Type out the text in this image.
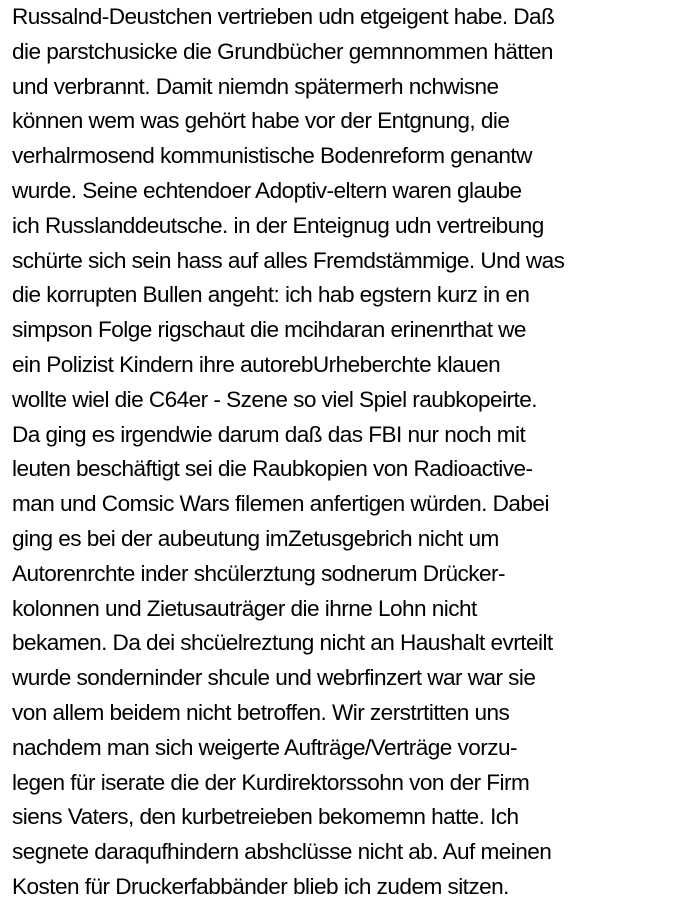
Russalnd-Deustchen vertrieben udn etgeigent habe. Daß
die parstchusicke die Grundbücher gemnnommen hätten
und verbrannt. Damit niemdn spätermerh nchwisne
können wem was gehört habe vor der Entgnung, die
verhalrmosend kommunistische Bodenreform genantw
wurde. Seine echtendoer Adoptiv-eltern waren glaube
ich Russlanddeutsche. in der Enteignug udn vertreibung
schürte sich sein hass auf alles Fremdstämmige. Und was
die korrupten Bullen angeht: ich hab egstern kurz in en
simpson Folge rigschaut die mcihdaran erinenrthat we
ein Polizist Kindern ihre autorebUrheberchte klauen
wollte wiel die C64er - Szene so viel Spiel raubkopeirte.
Da ging es irgendwie darum daß das FBI nur noch mit
leuten beschäftigt sei die Raubkopien von Radioactive-
man und Comsic Wars filemen anfertigen würden. Dabei
ging es bei der aubeutung imZetusgebrich nicht um
Autorenrchte inder shcülerztung sodnerum Drücker-
kolonnen und Zietusauträger die ihrne Lohn nicht
bekamen. Da dei shcüelreztung nicht an Haushalt evrteilt
wurde sonderninder shcule und webrfinzert war war sie
von allem beidem nicht betroffen. Wir zerstrtitten uns
nachdem man sich weigerte Aufträge/Verträge vorzu-
legen für iserate die der Kurdirektorssohn von der Firm
siens Vaters, den kurbetreieben bekomemn hatte. Ich
segnete daraqufhindern abshclüsse nicht ab. Auf meinen
Kosten für Druckerfabbänder blieb ich zudem sitzen.
